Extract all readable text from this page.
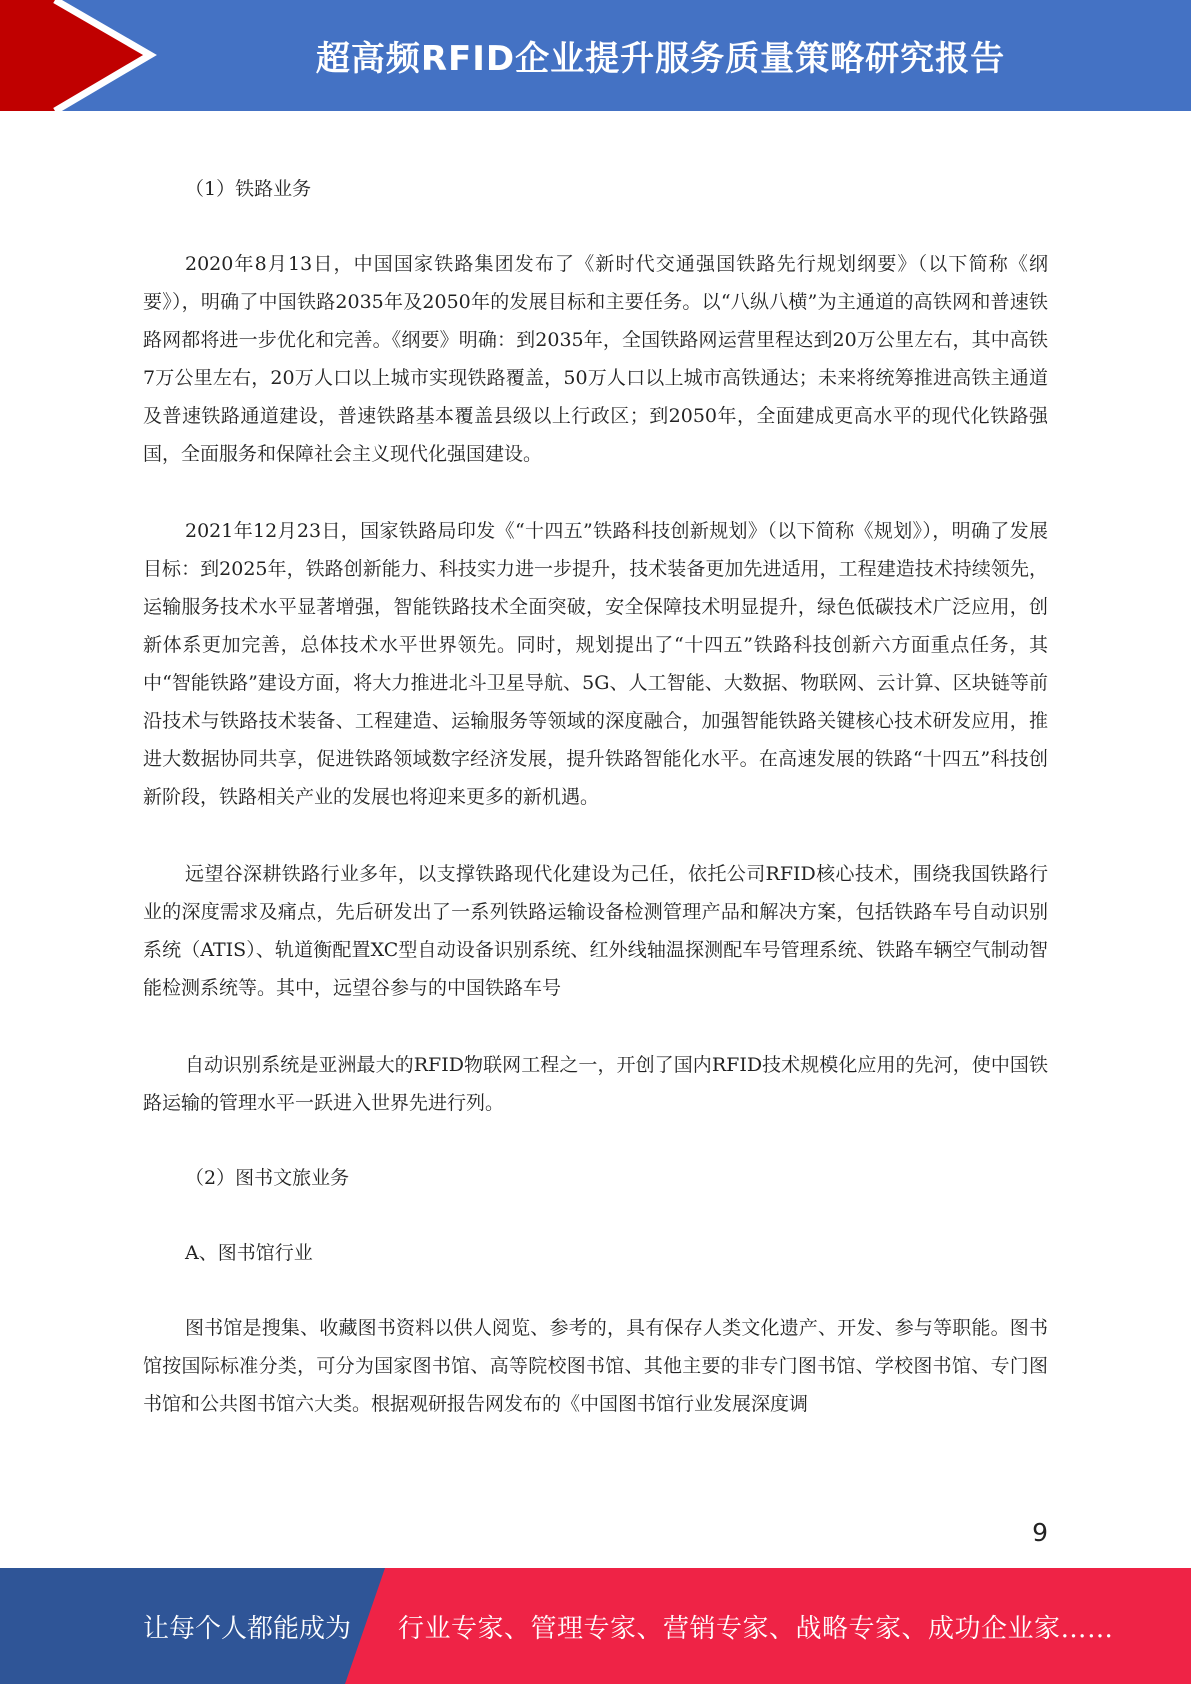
超高频RFID企业提升服务质量策略研究报告

（1）铁路业务

2020年8月13日，中国国家铁路集团发布了《新时代交通强国铁路先行规划纲要》（以下简称《纲要》），明确了中国铁路2035年及2050年的发展目标和主要任务。以“八纵八横”为主通道的高铁网和普速铁路网都将进一步优化和完善。《纲要》明确：到2035年，全国铁路网运营里程达到20万公里左右，其中高铁7万公里左右，20万人口以上城市实现铁路覆盖，50万人口以上城市高铁通达；未来将统筹推进高铁主通道及普速铁路通道建设，普速铁路基本覆盖县级以上行政区；到2050年，全面建成更高水平的现代化铁路强国，全面服务和保障社会主义现代化强国建设。

2021年12月23日，国家铁路局印发《“十四五”铁路科技创新规划》（以下简称《规划》），明确了发展目标：到2025年，铁路创新能力、科技实力进一步提升，技术装备更加先进适用，工程建造技术持续领先，运输服务技术水平显著增强，智能铁路技术全面突破，安全保障技术明显提升，绿色低碳技术广泛应用，创新体系更加完善，总体技术水平世界领先。同时，规划提出了“十四五”铁路科技创新六方面重点任务，其中“智能铁路”建设方面，将大力推进北斗卫星导航、5G、人工智能、大数据、物联网、云计算、区块链等前沿技术与铁路技术装备、工程建造、运输服务等领域的深度融合，加强智能铁路关键核心技术研发应用，推进大数据协同共享，促进铁路领域数字经济发展，提升铁路智能化水平。在高速发展的铁路“十四五”科技创新阶段，铁路相关产业的发展也将迎来更多的新机遇。

远望谷深耕铁路行业多年，以支撑铁路现代化建设为己任，依托公司RFID核心技术，围绕我国铁路行业的深度需求及痛点，先后研发出了一系列铁路运输设备检测管理产品和解决方案，包括铁路车号自动识别系统（ATIS）、轨道衡配置XC型自动设备识别系统、红外线轴温探测配车号管理系统、铁路车辆空气制动智能检测系统等。其中，远望谷参与的中国铁路车号

自动识别系统是亚洲最大的RFID物联网工程之一，开创了国内RFID技术规模化应用的先河，使中国铁路运输的管理水平一跃进入世界先进行列。

（2）图书文旅业务

A、图书馆行业

图书馆是搜集、收藏图书资料以供人阅览、参考的，具有保存人类文化遗产、开发、参与等职能。图书馆按国际标准分类，可分为国家图书馆、高等院校图书馆、其他主要的非专门图书馆、学校图书馆、专门图书馆和公共图书馆六大类。根据观研报告网发布的《中国图书馆行业发展深度调

9
让每个人都能成为 行业专家、管理专家、营销专家、战略专家、成功企业家……
